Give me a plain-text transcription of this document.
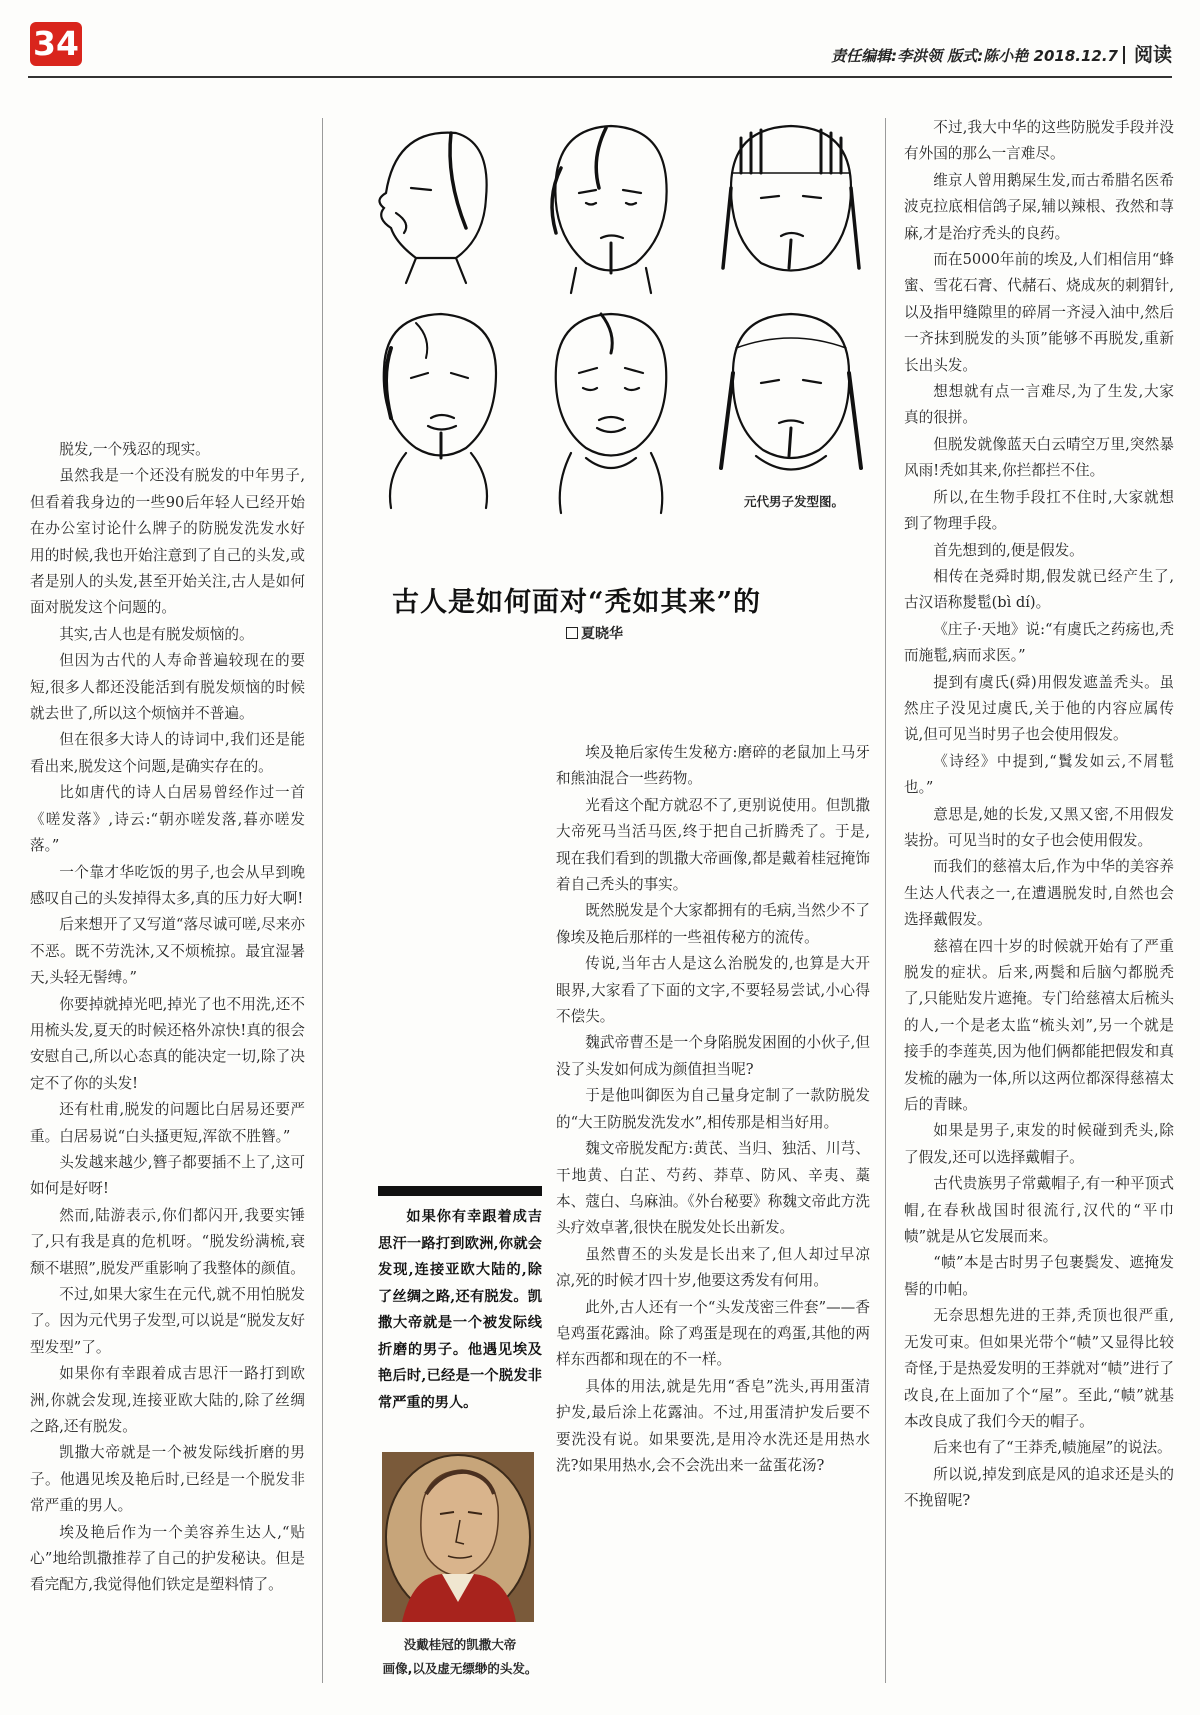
34	责任编辑:李洪领 版式:陈小艳 2018.12.7 阅读
元代男子发型图。
古人是如何面对“秃如其来”的
夏晓华

脱发,一个残忍的现实。

虽然我是一个还没有脱发的中年男子,但看着我身边的一些90后年轻人已经开始在办公室讨论什么牌子的防脱发洗发水好用的时候,我也开始注意到了自己的头发,或者是别人的头发,甚至开始关注,古人是如何面对脱发这个问题的。

其实,古人也是有脱发烦恼的。

但因为古代的人寿命普遍较现在的要短,很多人都还没能活到有脱发烦恼的时候就去世了,所以这个烦恼并不普遍。

但在很多大诗人的诗词中,我们还是能看出来,脱发这个问题,是确实存在的。

比如唐代的诗人白居易曾经作过一首《嗟发落》,诗云:“朝亦嗟发落,暮亦嗟发落。”

一个靠才华吃饭的男子,也会从早到晚感叹自己的头发掉得太多,真的压力好大啊!

后来想开了又写道“落尽诚可嗟,尽来亦不恶。既不劳洗沐,又不烦梳掠。最宜湿暑天,头轻无髻缚。”

你要掉就掉光吧,掉光了也不用洗,还不用梳头发,夏天的时候还格外凉快!真的很会安慰自己,所以心态真的能决定一切,除了决定不了你的头发!

还有杜甫,脱发的问题比白居易还要严重。白居易说“白头搔更短,浑欲不胜簪。”

头发越来越少,簪子都要插不上了,这可如何是好呀!

然而,陆游表示,你们都闪开,我要实锤了,只有我是真的危机呀。“脱发纷满梳,衰颓不堪照”,脱发严重影响了我整体的颜值。

不过,如果大家生在元代,就不用怕脱发了。因为元代男子发型,可以说是“脱发友好型发型”了。

如果你有幸跟着成吉思汗一路打到欧洲,你就会发现,连接亚欧大陆的,除了丝绸之路,还有脱发。

凯撒大帝就是一个被发际线折磨的男子。他遇见埃及艳后时,已经是一个脱发非常严重的男人。

埃及艳后作为一个美容养生达人,“贴心”地给凯撒推荐了自己的护发秘诀。但是看完配方,我觉得他们铁定是塑料情了。

如果你有幸跟着成吉思汗一路打到欧洲,你就会发现,连接亚欧大陆的,除了丝绸之路,还有脱发。凯撒大帝就是一个被发际线折磨的男子。他遇见埃及艳后时,已经是一个脱发非常严重的男人。
没戴桂冠的凯撒大帝
画像,以及虚无缥缈的头发。

埃及艳后家传生发秘方:磨碎的老鼠加上马牙和熊油混合一些药物。

光看这个配方就忍不了,更别说使用。但凯撒大帝死马当活马医,终于把自己折腾秃了。于是,现在我们看到的凯撒大帝画像,都是戴着桂冠掩饰着自己秃头的事实。

既然脱发是个大家都拥有的毛病,当然少不了像埃及艳后那样的一些祖传秘方的流传。

传说,当年古人是这么治脱发的,也算是大开眼界,大家看了下面的文字,不要轻易尝试,小心得不偿失。

魏武帝曹丕是一个身陷脱发困囿的小伙子,但没了头发如何成为颜值担当呢?

于是他叫御医为自己量身定制了一款防脱发的“大王防脱发洗发水”,相传那是相当好用。

魏文帝脱发配方:黄芪、当归、独活、川芎、干地黄、白芷、芍药、莽草、防风、辛夷、藁本、蔻白、乌麻油。《外台秘要》称魏文帝此方洗头疗效卓著,很快在脱发处长出新发。

虽然曹丕的头发是长出来了,但人却过早凉凉,死的时候才四十岁,他要这秀发有何用。

此外,古人还有一个“头发茂密三件套”——香皂鸡蛋花露油。除了鸡蛋是现在的鸡蛋,其他的两样东西都和现在的不一样。

具体的用法,就是先用“香皂”洗头,再用蛋清护发,最后涂上花露油。不过,用蛋清护发后要不要洗没有说。如果要洗,是用冷水洗还是用热水洗?如果用热水,会不会洗出来一盆蛋花汤?

不过,我大中华的这些防脱发手段并没有外国的那么一言难尽。

维京人曾用鹅屎生发,而古希腊名医希波克拉底相信鸽子屎,辅以辣根、孜然和荨麻,才是治疗秃头的良药。

而在5000年前的埃及,人们相信用“蜂蜜、雪花石膏、代赭石、烧成灰的刺猬针,以及指甲缝隙里的碎屑一齐浸入油中,然后一齐抹到脱发的头顶”能够不再脱发,重新长出头发。

想想就有点一言难尽,为了生发,大家真的很拼。

但脱发就像蓝天白云晴空万里,突然暴风雨!秃如其来,你拦都拦不住。

所以,在生物手段扛不住时,大家就想到了物理手段。

首先想到的,便是假发。

相传在尧舜时期,假发就已经产生了,古汉语称髲髢(bì dí)。

《庄子·天地》说:“有虞氏之药疡也,秃而施髢,病而求医。”

提到有虞氏(舜)用假发遮盖秃头。虽然庄子没见过虞氏,关于他的内容应属传说,但可见当时男子也会使用假发。

《诗经》中提到,“鬒发如云,不屑髢也。”

意思是,她的长发,又黑又密,不用假发装扮。可见当时的女子也会使用假发。

而我们的慈禧太后,作为中华的美容养生达人代表之一,在遭遇脱发时,自然也会选择戴假发。

慈禧在四十岁的时候就开始有了严重脱发的症状。后来,两鬓和后脑勺都脱秃了,只能贴发片遮掩。专门给慈禧太后梳头的人,一个是老太监“梳头刘”,另一个就是接手的李莲英,因为他们俩都能把假发和真发梳的融为一体,所以这两位都深得慈禧太后的青睐。

如果是男子,束发的时候碰到秃头,除了假发,还可以选择戴帽子。

古代贵族男子常戴帽子,有一种平顶式帽,在春秋战国时很流行,汉代的“平巾帻”就是从它发展而来。

“帻”本是古时男子包裹鬓发、遮掩发髻的巾帕。

无奈思想先进的王莽,秃顶也很严重,无发可束。但如果光带个“帻”又显得比较奇怪,于是热爱发明的王莽就对“帻”进行了改良,在上面加了个“屋”。至此,“帻”就基本改良成了我们今天的帽子。

后来也有了“王莽秃,帻施屋”的说法。

所以说,掉发到底是风的追求还是头的不挽留呢?
